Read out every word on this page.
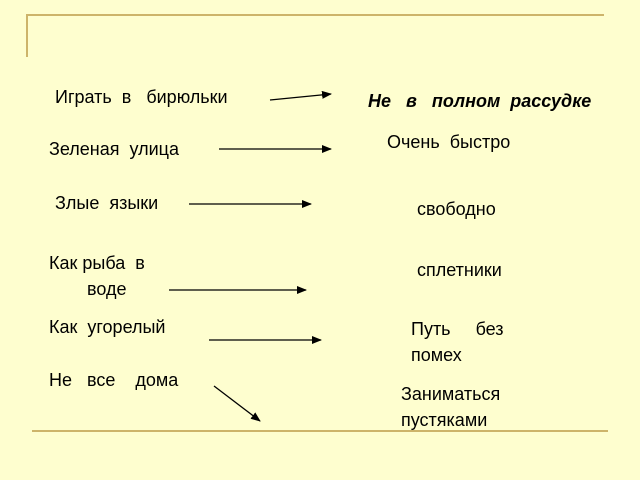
Играть  в   бирюльки
Зеленая  улица
Злые  языки
Как рыба  в
воде
Как  угорелый
Не   все    дома
Не   в   полном  рассудке
Очень  быстро
свободно
сплетники
Путь     без
помех
Заниматься
пустяками
